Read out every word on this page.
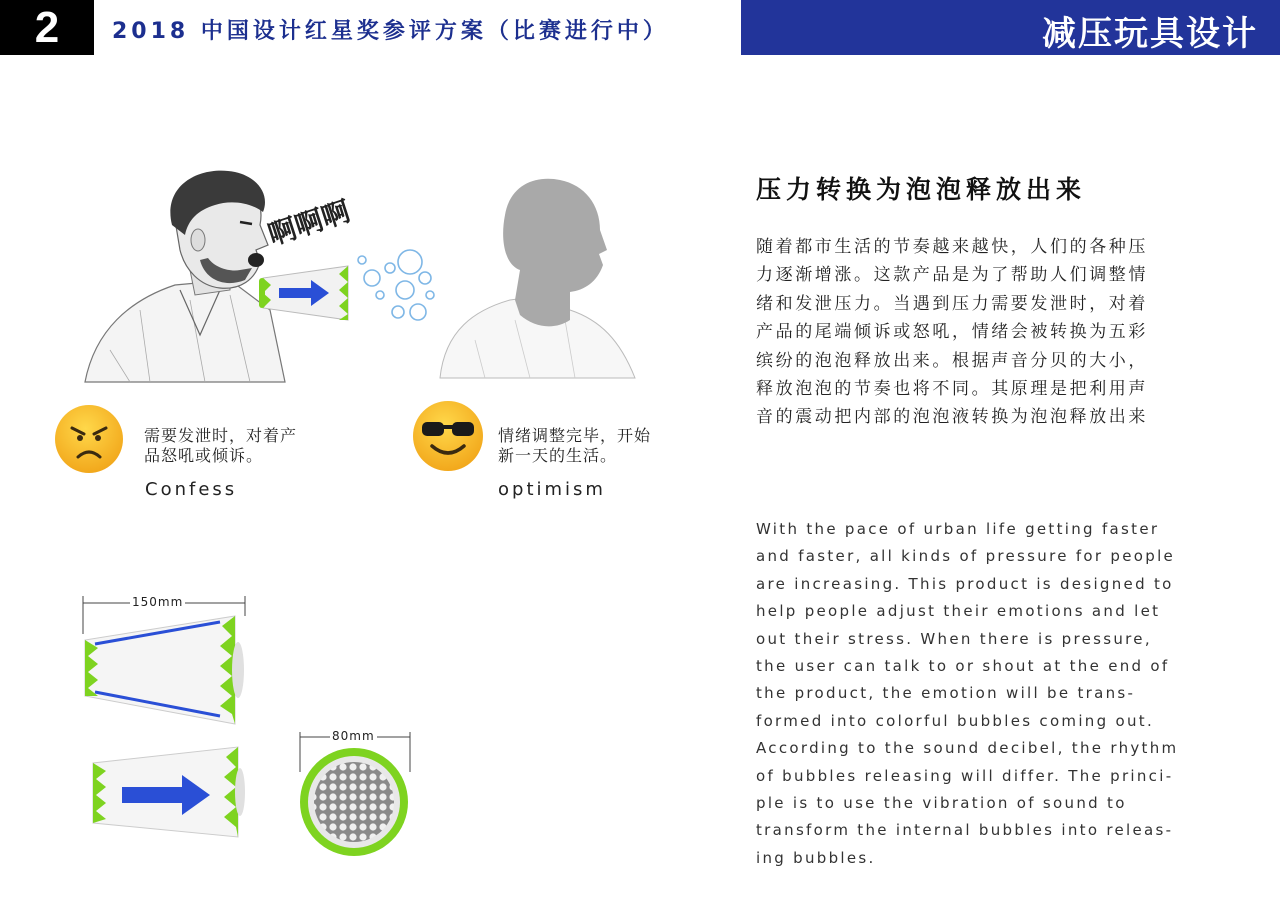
2	2018 中国设计红星奖参评方案（比赛进行中）	减压玩具设计
啊啊啊
需要发泄时，对着产
品怒吼或倾诉。
Confess
情绪调整完毕，开始
新一天的生活。
optimism
150mm
80mm
压力转换为泡泡释放出来
随着都市生活的节奏越来越快，人们的各种压
力逐渐增涨。这款产品是为了帮助人们调整情
绪和发泄压力。当遇到压力需要发泄时，对着
产品的尾端倾诉或怒吼，情绪会被转换为五彩
缤纷的泡泡释放出来。根据声音分贝的大小，
释放泡泡的节奏也将不同。其原理是把利用声
音的震动把内部的泡泡液转换为泡泡释放出来
With the pace of urban life getting faster
and faster, all kinds of pressure for people
are increasing. This product is designed to
help people adjust their emotions and let
out their stress. When there is pressure,
the user can talk to or shout at the end of
the product, the emotion will be trans-
formed into colorful bubbles coming out.
According to the sound decibel, the rhythm
of bubbles releasing will differ. The princi-
ple is to use the vibration of sound to
transform the internal bubbles into releas-
ing bubbles.
